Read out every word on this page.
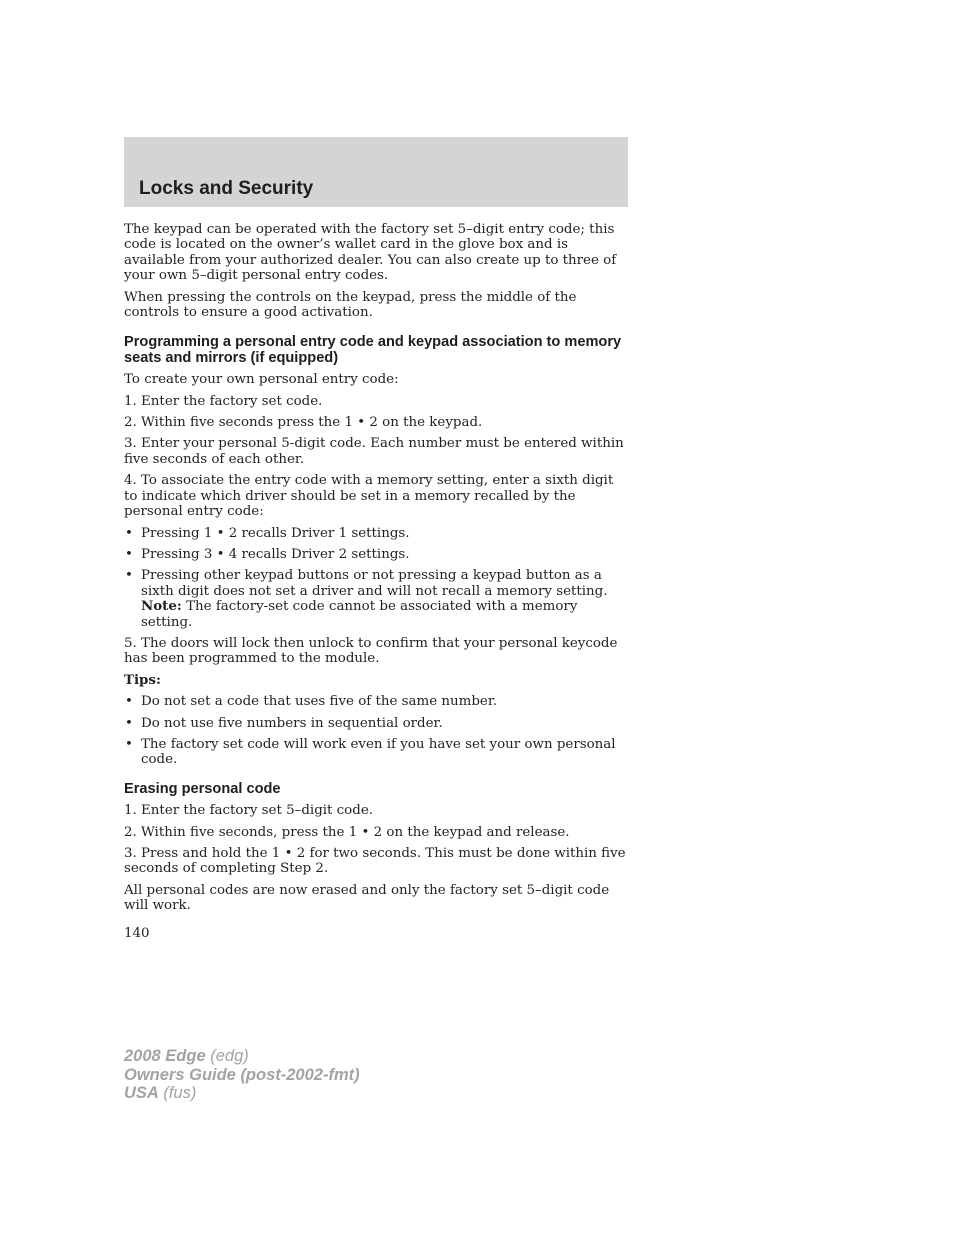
Locks and Security

The keypad can be operated with the factory set 5–digit entry code; this code is located on the owner’s wallet card in the glove box and is available from your authorized dealer. You can also create up to three of your own 5–digit personal entry codes.

When pressing the controls on the keypad, press the middle of the controls to ensure a good activation.

Programming a personal entry code and keypad association to memory seats and mirrors (if equipped)

To create your own personal entry code:

1. Enter the factory set code.

2. Within five seconds press the 1 • 2 on the keypad.

3. Enter your personal 5-digit code. Each number must be entered within five seconds of each other.

4. To associate the entry code with a memory setting, enter a sixth digit to indicate which driver should be set in a memory recalled by the personal entry code:

• Pressing 1 • 2 recalls Driver 1 settings.
• Pressing 3 • 4 recalls Driver 2 settings.
• Pressing other keypad buttons or not pressing a keypad button as a sixth digit does not set a driver and will not recall a memory setting.
Note: The factory-set code cannot be associated with a memory setting.

5. The doors will lock then unlock to confirm that your personal keycode has been programmed to the module.

Tips:

• Do not set a code that uses five of the same number.
• Do not use five numbers in sequential order.
• The factory set code will work even if you have set your own personal code.
Erasing personal code

1. Enter the factory set 5–digit code.

2. Within five seconds, press the 1 • 2 on the keypad and release.

3. Press and hold the 1 • 2 for two seconds. This must be done within five seconds of completing Step 2.

All personal codes are now erased and only the factory set 5–digit code will work.

140
2008 Edge (edg)
Owners Guide (post-2002-fmt)
USA (fus)
